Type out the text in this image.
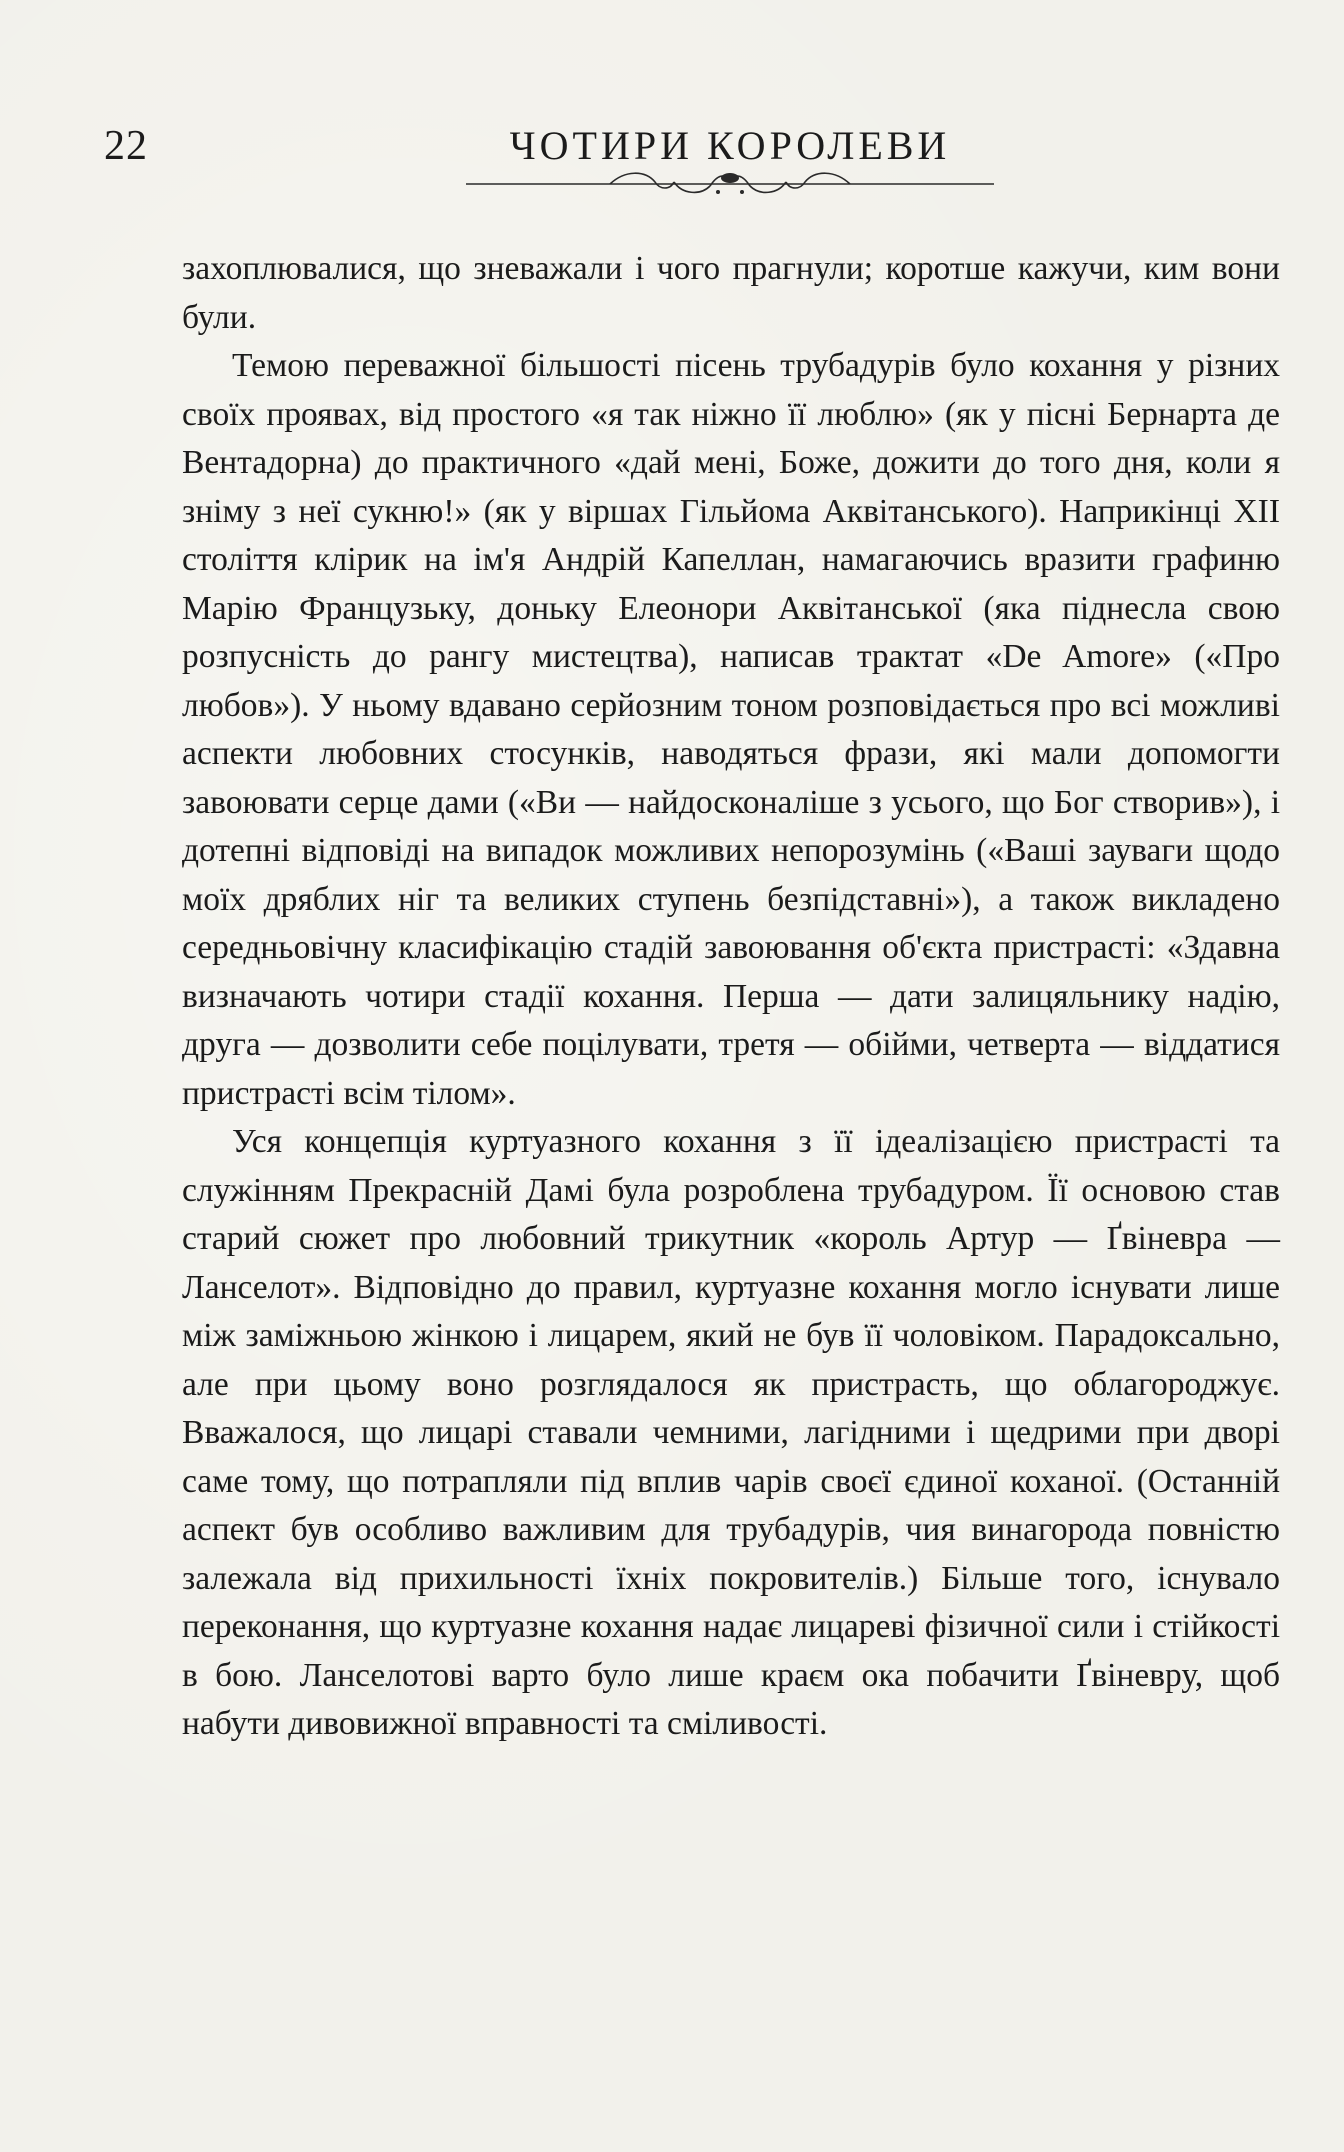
22	ЧОТИРИ КОРОЛЕВИ

захоплювалися, що зневажали і чого прагнули; коротше кажучи, ким вони були.

Темою переважної більшості пісень трубадурів було кохання у різних своїх проявах, від простого «я так ніжно її люблю» (як у пісні Бернарта де Вентадорна) до практичного «дай мені, Боже, дожити до того дня, коли я зніму з неї сукню!» (як у віршах Гільйома Аквітанського). Наприкінці XII століття клірик на ім'я Андрій Капеллан, намагаючись вразити графиню Марію Французьку, доньку Елеонори Аквітанської (яка піднесла свою розпусність до рангу мистецтва), написав трактат «De Amore» («Про любов»). У ньому вдавано серйозним тоном розповідається про всі можливі аспекти любовних стосунків, наводяться фрази, які мали допомогти завоювати серце дами («Ви — найдосконаліше з усього, що Бог створив»), і дотепні відповіді на випадок можливих непорозумінь («Ваші зауваги щодо моїх дряблих ніг та великих ступень безпідставні»), а також викладено середньовічну класифікацію стадій завоювання об'єкта пристрасті: «Здавна визначають чотири стадії кохання. Перша — дати залицяльнику надію, друга — дозволити себе поцілувати, третя — обійми, четверта — віддатися пристрасті всім тілом».

Уся концепція куртуазного кохання з її ідеалізацією пристрасті та служінням Прекрасній Дамі була розроблена трубадуром. Її основою став старий сюжет про любовний трикутник «король Артур — Ґвіневра — Ланселот». Відповідно до правил, куртуазне кохання могло існувати лише між заміжньою жінкою і лицарем, який не був її чоловіком. Парадоксально, але при цьому воно розглядалося як пристрасть, що облагороджує. Вважалося, що лицарі ставали чемними, лагідними і щедрими при дворі саме тому, що потрапляли під вплив чарів своєї єдиної коханої. (Останній аспект був особливо важливим для трубадурів, чия винагорода повністю залежала від прихильності їхніх покровителів.) Більше того, існувало переконання, що куртуазне кохання надає лицареві фізичної сили і стійкості в бою. Ланселотові варто було лише краєм ока побачити Ґвіневру, щоб набути дивовижної вправності та сміливості.
